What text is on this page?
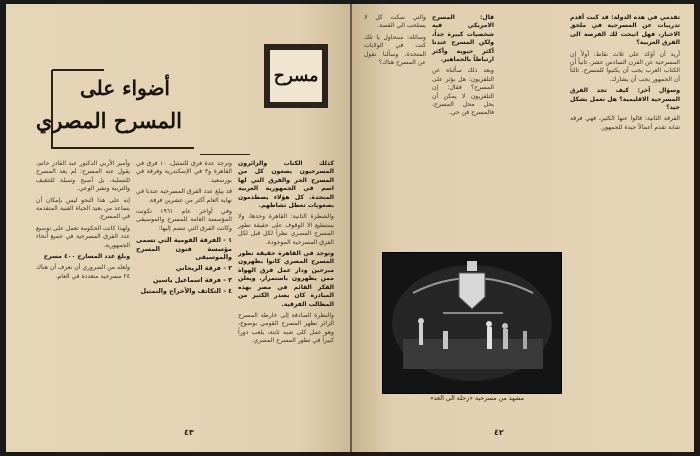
مسرح
أضواء على
المسرح المصري

كذلك الكتاب والزائرون المسرحيون يصعون كل من المسرح الحر والفرق التي لها اسم في الجمهورية العربية المتحدة. كل هؤلاء يصطدمون بصعوبات تعطل نشاطهم.

والشطرة الثانية: القاهرة وحدها، ولا يستطيع الا الوقوف على حقيقة تطور المسرح المصري نظراً لكل قبل لكل الفرق المسرحية الموجودة.

وتوجد في القاهرة حقيقة تطور المسرح المصري كانوا بظهرون مبرحين ودار عمل فرق الهواة ممن يظهرون باستمرار. ويعلن الفكر القائم في مصر بهذه المبادرة كان يصدر الكثير من المطالب الفرقية.

والنظرة الصادقة إلى خارطة المسرح الزائر تظهر المسرح القومي بوضوح، وهو عمل كلى شبه ثابتة، يلعب دوراً كبيراً في تطور المسرح المصري.

وترجد عدة فرق للتمثيل، ١٠ فرق في القاهرة و٣ في الإسكندرية وفرقة في بورسعيد.

قد يبلغ عدد الفرق المسرحية عندنا في نهاية العام أكثر من عشرين فرقة.

وفي أواخر عام ١٩٦١ تكونت المؤسسة العامة للمسرح والموسيقى وكانت الفرق التي تنضم إليها:

١ - الفرقة القومية التي تسمى مؤسسة فنون المسرح والموسيقى

٢ - فرقة الريحاني

٣ - فرقة اسماعيل ياسين

٤ - التكاتف والأخراج والتمثيل

وأمير الأربي الدكتور عبد القادر حاتم، يقول عنه المسرح: لم يعد المسرح للتسلية، بل أصبح وسيلة للتثقيف والتربية ونشر الوعي.

إنه على هذا النحو ليس بإمكان أن يساعد من بعيد الحياة الفنية المتقدمة في المسرح.

ولهذا كانت الحكومة تعمل على توسيع عدد الفرق المسرحية في جميع أنحاء الجمهورية.

وبلغ عدد المسارح ٤٠٠ مسرح

ولعله من الضروري أن نعرف أن هناك ٢٤ مسرحية متعددة في العام.

٤٣

والتي سكت كل لا يسلحب الي القصة.

وسائلة: سنحاول يا تلك كنت في الولايات المتحدة، وسألنا نقول عن المسرح هناك؟

قال: المسرح الامريكي فيه شخصيات كبيرة جداً، ولكن المسرح عندنا أكثر حيوية وأكثر ارتباطاً بالجماهير.

وبعد ذلك سألناه عن التلفزيون: هل يؤثر على المسرح؟ فقال: إن التلفزيون لا يمكن أن يحل محل المسرح، فالمسرح فن حي.

مشهد من مسرحية «رحلة الى الغد»

تقدمي في هذه الدولة: قد كنت أقدم تدريبات عن المسرحية في ملحق الاخبار، فهل اتيحت لك الفرصة الى الفرق العربية؟

أريد أن أؤكد على ثلاث نقاط: أولاً إن المسرحية عن القرن السادس عشر. ثانياً أن الكتاب العرب يجب أن يكتبوا للمسرح. ثالثاً أن الجمهور يجب أن يشارك.

وسؤال آخر: كيف تجد الفرق المسرحية الاقليمية؟ هل تعمل بشكل جيد؟

الفرقة الثانية: قالوا عنها الكثير، فهي فرقة شابة تقدم أعمالاً جيدة للجمهور.

٤٢
